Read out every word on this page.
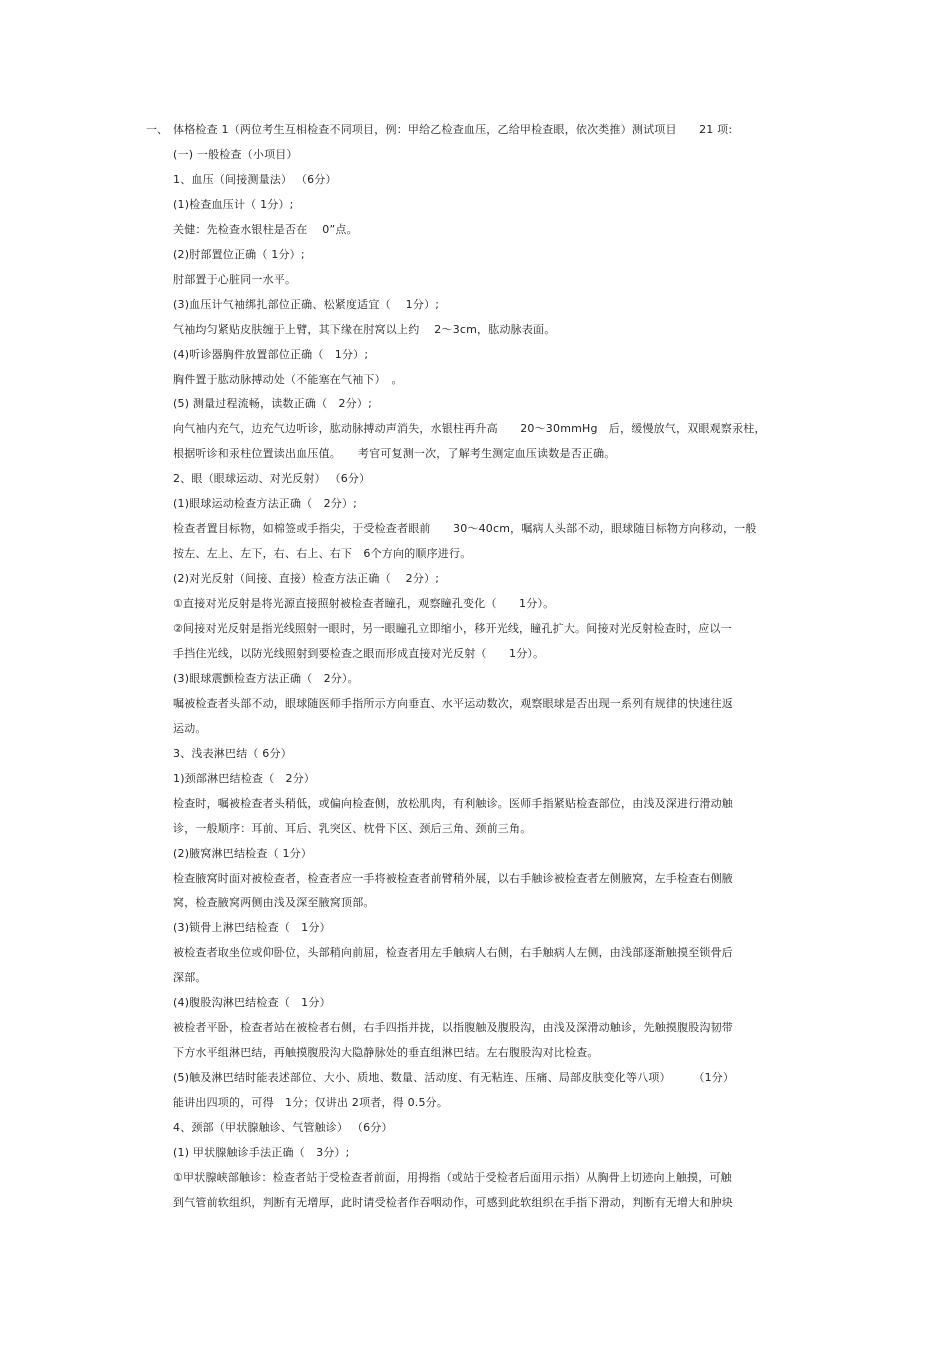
一、 体格检查 1（两位考生互相检查不同项目，例：甲给乙检查血压，乙给甲检查眼，依次类推）测试项目　　21 项:
(一) 一般检查（小项目）
1、血压（间接测量法） （6分）
(1)检查血压计（ 1分）;
关健：先检查水银柱是否在　 0”点。
(2)肘部置位正确（ 1分）;
肘部置于心脏同一水平。
(3)血压计气袖绑扎部位正确、松紧度适宜（　 1分）;
气袖均匀紧贴皮肤缠于上臂，其下缘在肘窝以上约　 2～3cm，肱动脉表面。
(4)听诊器胸件放置部位正确（　1分）;
胸件置于肱动脉搏动处（不能塞在气袖下）　。
(5) 测量过程流畅，读数正确（　2分）;
向气袖内充气，边充气边听诊，肱动脉搏动声消失，水银柱再升高　　20～30mmHg　后，缓慢放气，双眼观察汞柱，
根据听诊和汞柱位置读出血压值。　　考官可复测一次，了解考生测定血压读数是否正确。
2、眼（眼球运动、对光反射） （6分）
(1)眼球运动检查方法正确（　2分）;
检查者置目标物，如棉签或手指尖，于受检查者眼前　　30～40cm，嘱病人头部不动，眼球随目标物方向移动，一般
按左、左上、左下，右、右上、右下　6个方向的顺序进行。
(2)对光反射（间接、直接）检查方法正确（　 2分）;
①直接对光反射是将光源直接照射被检查者瞳孔，观察瞳孔变化（　　1分）。
②间接对光反射是指光线照射一眼时，另一眼瞳孔立即缩小，移开光线，瞳孔扩大。间接对光反射检查时，应以一
手挡住光线，以防光线照射到要检查之眼而形成直接对光反射（　　1分）。
(3)眼球震颤检查方法正确（　2分）。
嘱被检查者头部不动，眼球随医师手指所示方向垂直、水平运动数次，观察眼球是否出现一系列有规律的快速往返
运动。
3、浅表淋巴结（ 6分）
1)颈部淋巴结检查（　2分）
检查时，嘱被检查者头稍低，或偏向检查侧，放松肌肉，有利触诊。医师手指紧贴检查部位，由浅及深进行滑动触
诊，一般顺序：耳前、耳后、乳突区、枕骨下区、颈后三角、颈前三角。
(2)腋窝淋巴结检查（ 1分）
检查腋窝时面对被检查者，检查者应一手将被检查者前臂稍外展，以右手触诊被检查者左侧腋窝，左手检查右侧腋
窝，检查腋窝两侧由浅及深至腋窝顶部。
(3)锁骨上淋巴结检查（　1分）
被检查者取坐位或仰卧位，头部稍向前屈，检查者用左手触病人右侧，右手触病人左侧，由浅部逐渐触摸至锁骨后
深部。
(4)腹股沟淋巴结检查（　1分）
被检者平卧，检查者站在被检者右侧，右手四指并拢，以指腹触及腹股沟，由浅及深滑动触诊，先触摸腹股沟韧带
下方水平组淋巴结，再触摸腹股沟大隐静脉处的垂直组淋巴结。左右腹股沟对比检查。
(5)触及淋巴结时能表述部位、大小、质地、数量、活动度、有无粘连、压痛、局部皮肤变化等八项）　　　（1分）
能讲出四项的，可得　1分；仅讲出 2项者，得 0.5分。
4、颈部（甲状腺触诊、气管触诊） （6分）
(1) 甲状腺触诊手法正确（　3分）;
①甲状腺峡部触诊：检查者站于受检查者前面，用拇指（或站于受检者后面用示指）从胸骨上切迹向上触摸，可触
到气管前软组织，判断有无增厚，此时请受检者作吞咽动作，可感到此软组织在手指下滑动，判断有无增大和肿块
